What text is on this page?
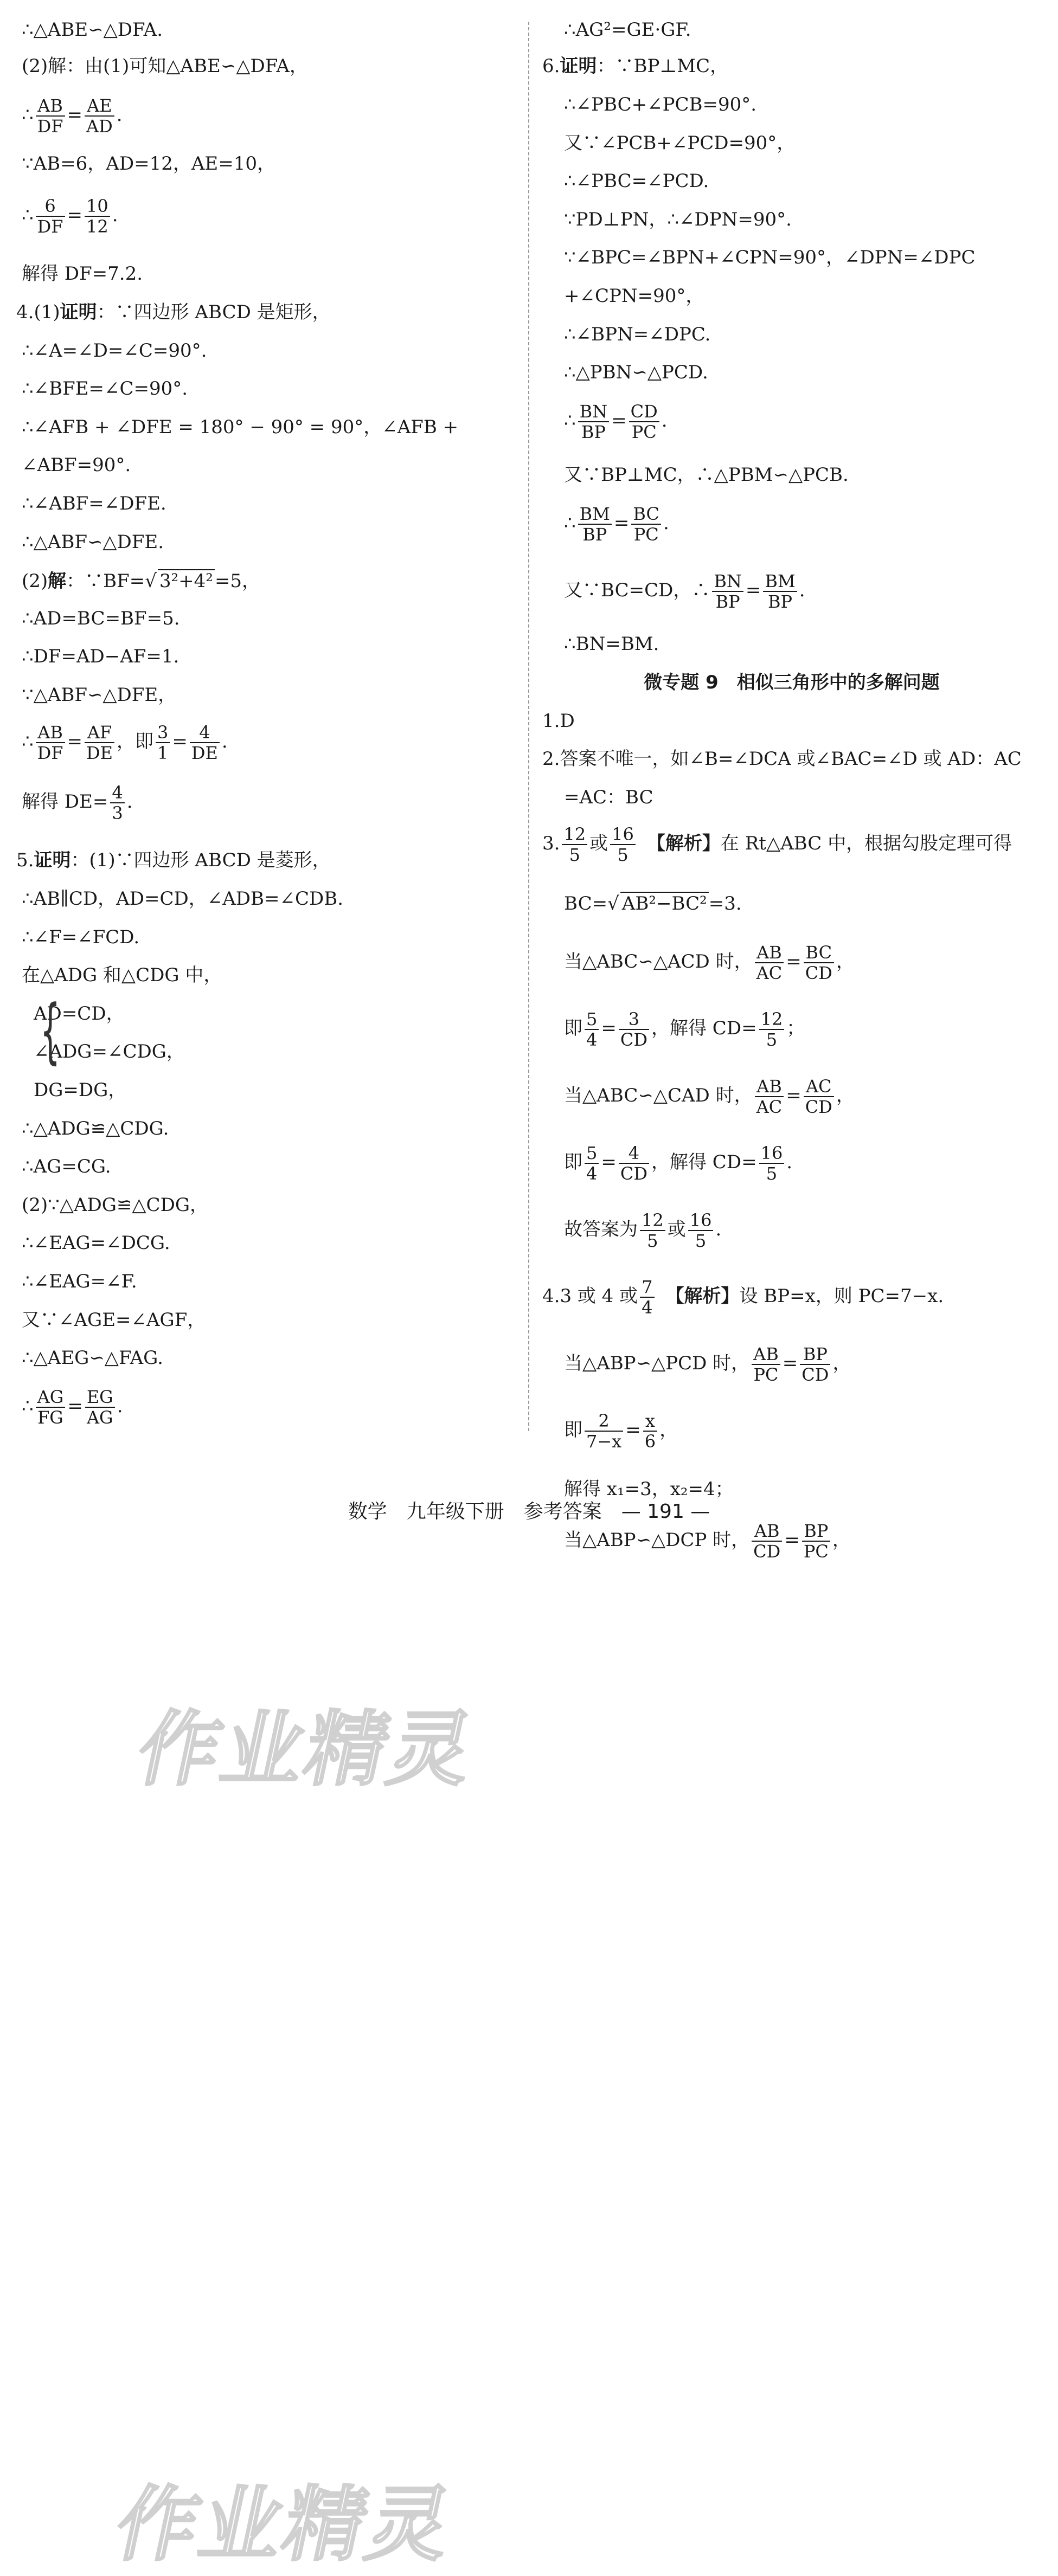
∴△ABE∽△DFA.
(2)解：由(1)可知△ABE∽△DFA，
∴ $\frac{AB}{DF} = \frac{AE}{AD}$ .
∵AB=6，AD=12，AE=10，
∴ $\frac{6}{DF} = \frac{10}{12}$ .
解得 DF=7.2.
4.(1)证明：∵四边形 ABCD 是矩形，
∴∠A=∠D=∠C=90°.
∴∠BFE=∠C=90°.
∴∠AFB + ∠DFE = 180° − 90° = 90°，∠AFB +
∠ABF=90°.
∴∠ABF=∠DFE.
∴△ABF∽△DFE.
(2)解：∵BF=√ 3²+4²=5，
∴AD=BC=BF=5.
∴DF=AD−AF=1.
∵△ABF∽△DFE，
∴ $\frac{AB}{DF} = \frac{AF}{DE}$ ，即 $\frac{3}{1} = \frac{4}{DE}$ .
解得 $DE= \frac{4}{3}$ .
5.证明：(1)∵四边形 ABCD 是菱形，
∴AB∥CD，AD=CD，∠ADB=∠CDB.
∴∠F=∠FCD.
在△ADG 和△CDG 中，
AD=CD，
∠ADG=∠CDG，
DG=DG，
∴△ADG≌△CDG.
∴AG=CG.
(2)∵△ADG≌△CDG，
∴∠EAG=∠DCG.
∴∠EAG=∠F.
又∵∠AGE=∠AGF，
∴△AEG∽△FAG.
∴ $\frac{AG}{FG} = \frac{EG}{AG}$ .
{
∴AG²=GE·GF.
6.证明：∵BP⊥MC，
∴∠PBC+∠PCB=90°.
又∵∠PCB+∠PCD=90°，
∴∠PBC=∠PCD.
∵PD⊥PN，∴∠DPN=90°.
∵∠BPC=∠BPN+∠CPN=90°，∠DPN=∠DPC
+∠CPN=90°，
∴∠BPN=∠DPC.
∴△PBN∽△PCD.
∴ $\frac{BN}{BP} = \frac{CD}{PC}$ .
又∵BP⊥MC，∴△PBM∽△PCB.
∴ $\frac{BM}{BP} = \frac{BC}{PC}$ .
又∵BC=CD，∴ $\frac{BN}{BP} = \frac{BM}{BP}$ .
∴BN=BM.
微专题 9　相似三角形中的多解问题
1.D
2.答案不唯一，如∠B=∠DCA 或∠BAC=∠D 或 AD：AC
=AC：BC
3. $\frac{12}{5}$ 或 $\frac{16}{5}$
　 【解析】在 Rt△ABC 中，根据勾股定理可得
BC=√ AB²−BC²=3.
当△ABC∽△ACD 时， $\frac{AB}{AC} = \frac{BC}{CD}$ ，
即 $\frac{5}{4} = \frac{3}{CD}$ ，解得 $CD= \frac{12}{5}$ ；
当△ABC∽△CAD 时， $\frac{AB}{AC} = \frac{AC}{CD}$ ，
即 $\frac{5}{4} = \frac{4}{CD}$ ，解得 $CD= \frac{16}{5}$ .
故答案为 $\frac{12}{5}$ 或 $\frac{16}{5}$ .
4.3 或 4 或 $\frac{7}{4}$
　 【解析】设 BP=x，则 PC=7−x.
当△ABP∽△PCD 时， $\frac{AB}{PC} = \frac{BP}{CD}$ ，
即 $\frac{2}{7-x} = \frac{x}{6}$ ，
解得 x₁=3，x₂=4；
当△ABP∽△DCP 时， $\frac{AB}{CD} = \frac{BP}{PC}$ ，
作业精灵
作业精灵
数学　九年级下册　参考答案　— 191 —
